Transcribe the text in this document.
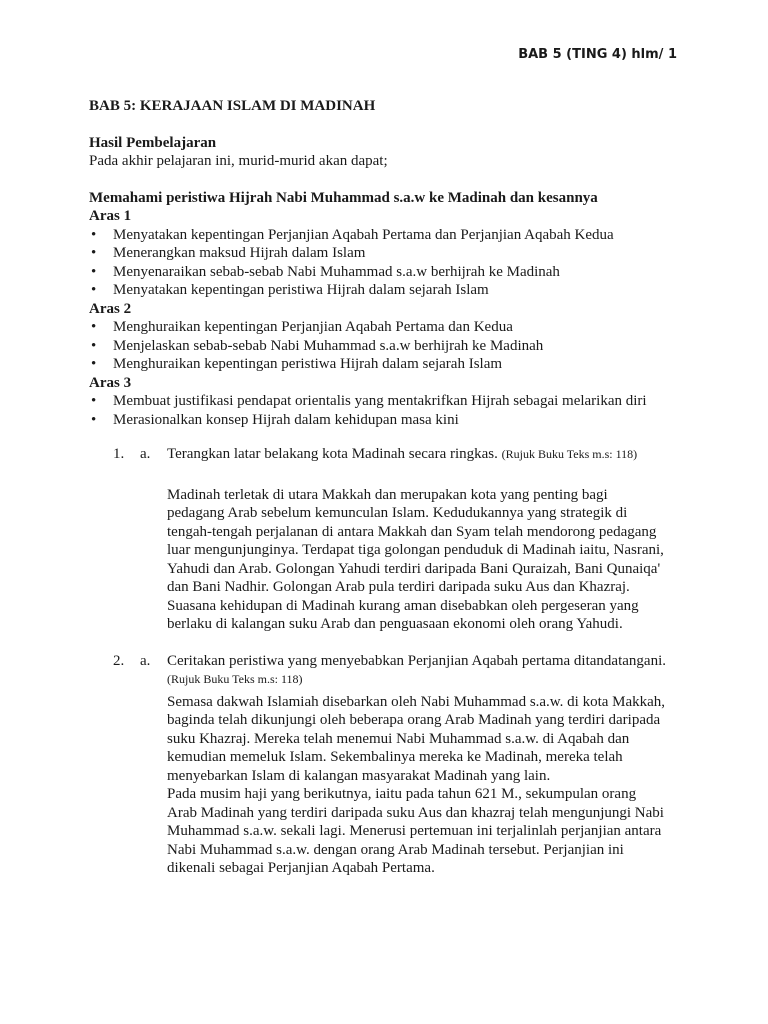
BAB 5 (TING 4) hlm/ 1
BAB 5: KERAJAAN ISLAM DI MADINAH
Hasil Pembelajaran
Pada akhir pelajaran ini, murid-murid akan dapat;
Memahami peristiwa Hijrah Nabi Muhammad s.a.w ke Madinah dan kesannya
Aras 1
• Menyatakan kepentingan Perjanjian Aqabah Pertama dan Perjanjian Aqabah Kedua
• Menerangkan maksud Hijrah dalam Islam
• Menyenaraikan sebab-sebab Nabi Muhammad s.a.w berhijrah ke Madinah
• Menyatakan kepentingan peristiwa Hijrah dalam sejarah Islam
Aras 2
• Menghuraikan kepentingan Perjanjian Aqabah Pertama dan Kedua
• Menjelaskan sebab-sebab Nabi Muhammad s.a.w berhijrah ke Madinah
• Menghuraikan kepentingan peristiwa Hijrah dalam sejarah Islam
Aras 3
• Membuat justifikasi pendapat orientalis yang mentakrifkan Hijrah sebagai melarikan diri
• Merasionalkan konsep Hijrah dalam kehidupan masa kini
1. a. Terangkan latar belakang kota Madinah secara ringkas. (Rujuk Buku Teks m.s: 118)
Madinah terletak di utara Makkah dan merupakan kota yang penting bagi
pedagang Arab sebelum kemunculan Islam. Kedudukannya yang strategik di
tengah-tengah perjalanan di antara Makkah dan Syam telah mendorong pedagang
luar mengunjunginya. Terdapat tiga golongan penduduk di Madinah iaitu, Nasrani,
Yahudi dan Arab. Golongan Yahudi terdiri daripada Bani Quraizah, Bani Qunaiqa'
dan Bani Nadhir. Golongan Arab pula terdiri daripada suku Aus dan Khazraj.
Suasana kehidupan di Madinah kurang aman disebabkan oleh pergeseran yang
berlaku di kalangan suku Arab dan penguasaan ekonomi oleh orang Yahudi.
2. a. Ceritakan peristiwa yang menyebabkan Perjanjian Aqabah pertama ditandatangani.
(Rujuk Buku Teks m.s: 118)
Semasa dakwah Islamiah disebarkan oleh Nabi Muhammad s.a.w. di kota Makkah,
baginda telah dikunjungi oleh beberapa orang Arab Madinah yang terdiri daripada
suku Khazraj. Mereka telah menemui Nabi Muhammad s.a.w. di Aqabah dan
kemudian memeluk Islam. Sekembalinya mereka ke Madinah, mereka telah
menyebarkan Islam di kalangan masyarakat Madinah yang lain.
Pada musim haji yang berikutnya, iaitu pada tahun 621 M., sekumpulan orang
Arab Madinah yang terdiri daripada suku Aus dan khazraj telah mengunjungi Nabi
Muhammad s.a.w. sekali lagi. Menerusi pertemuan ini terjalinlah perjanjian antara
Nabi Muhammad s.a.w. dengan orang Arab Madinah tersebut. Perjanjian ini
dikenali sebagai Perjanjian Aqabah Pertama.
